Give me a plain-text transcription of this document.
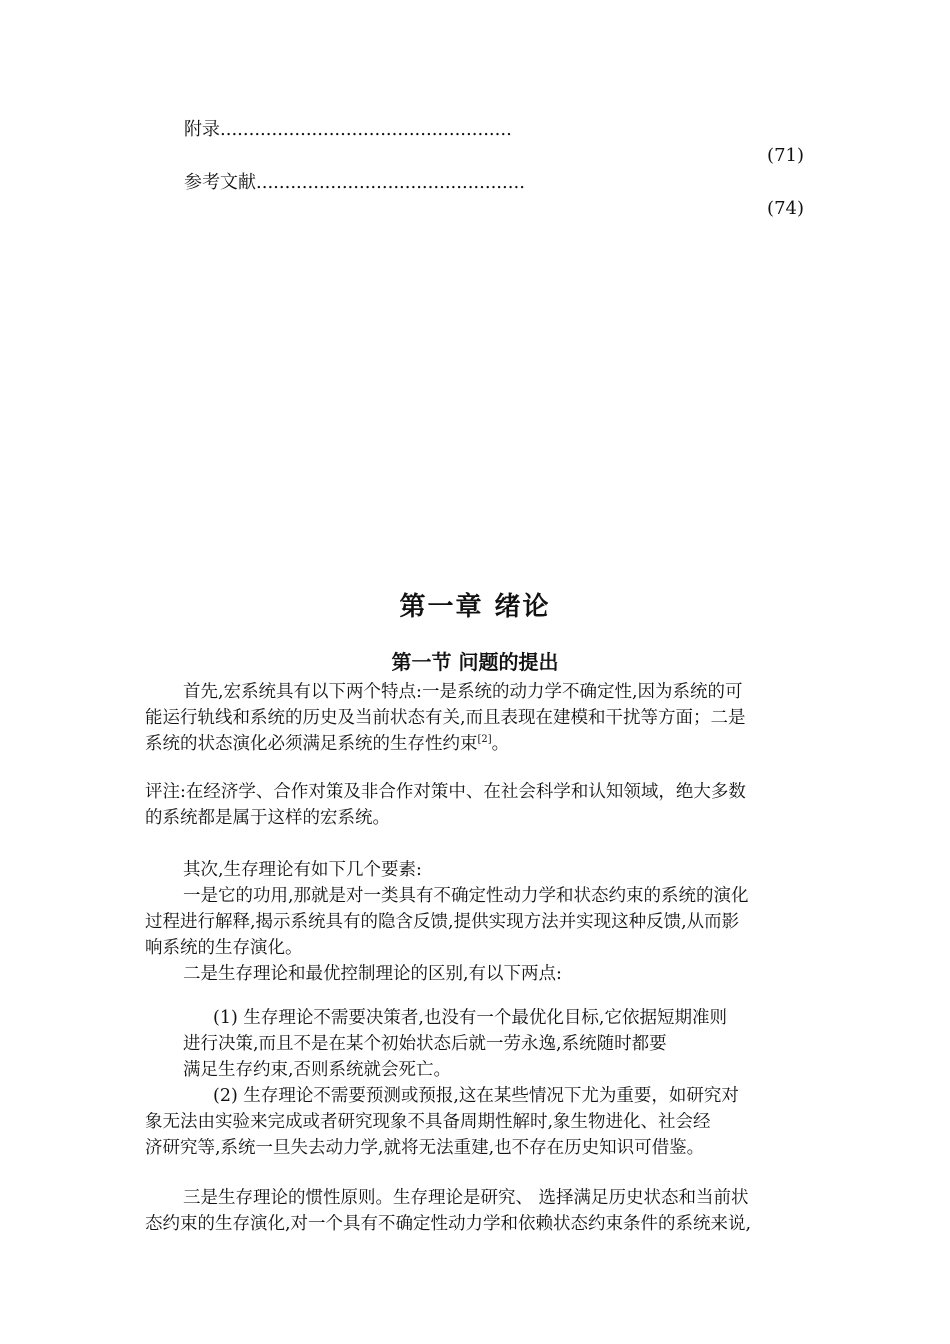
附录...................................................
(71)
参考文献...............................................
(74)
第一章 绪论
第一节 问题的提出
首先,宏系统具有以下两个特点:一是系统的动力学不确定性,因为系统的可
能运行轨线和系统的历史及当前状态有关,而且表现在建模和干扰等方面；二是
系统的状态演化必须满足系统的生存性约束[2]。
评注:在经济学、合作对策及非合作对策中、在社会科学和认知领域，绝大多数
的系统都是属于这样的宏系统。
其次,生存理论有如下几个要素:
一是它的功用,那就是对一类具有不确定性动力学和状态约束的系统的演化
过程进行解释,揭示系统具有的隐含反馈,提供实现方法并实现这种反馈,从而影
响系统的生存演化。
二是生存理论和最优控制理论的区别,有以下两点:
(1) 生存理论不需要决策者,也没有一个最优化目标,它依据短期准则
进行决策,而且不是在某个初始状态后就一劳永逸,系统随时都要
满足生存约束,否则系统就会死亡。
(2) 生存理论不需要预测或预报,这在某些情况下尤为重要，如研究对
象无法由实验来完成或者研究现象不具备周期性解时,象生物进化、社会经
济研究等,系统一旦失去动力学,就将无法重建,也不存在历史知识可借鉴。
三是生存理论的惯性原则。生存理论是研究、 选择满足历史状态和当前状
态约束的生存演化,对一个具有不确定性动力学和依赖状态约束条件的系统来说,
